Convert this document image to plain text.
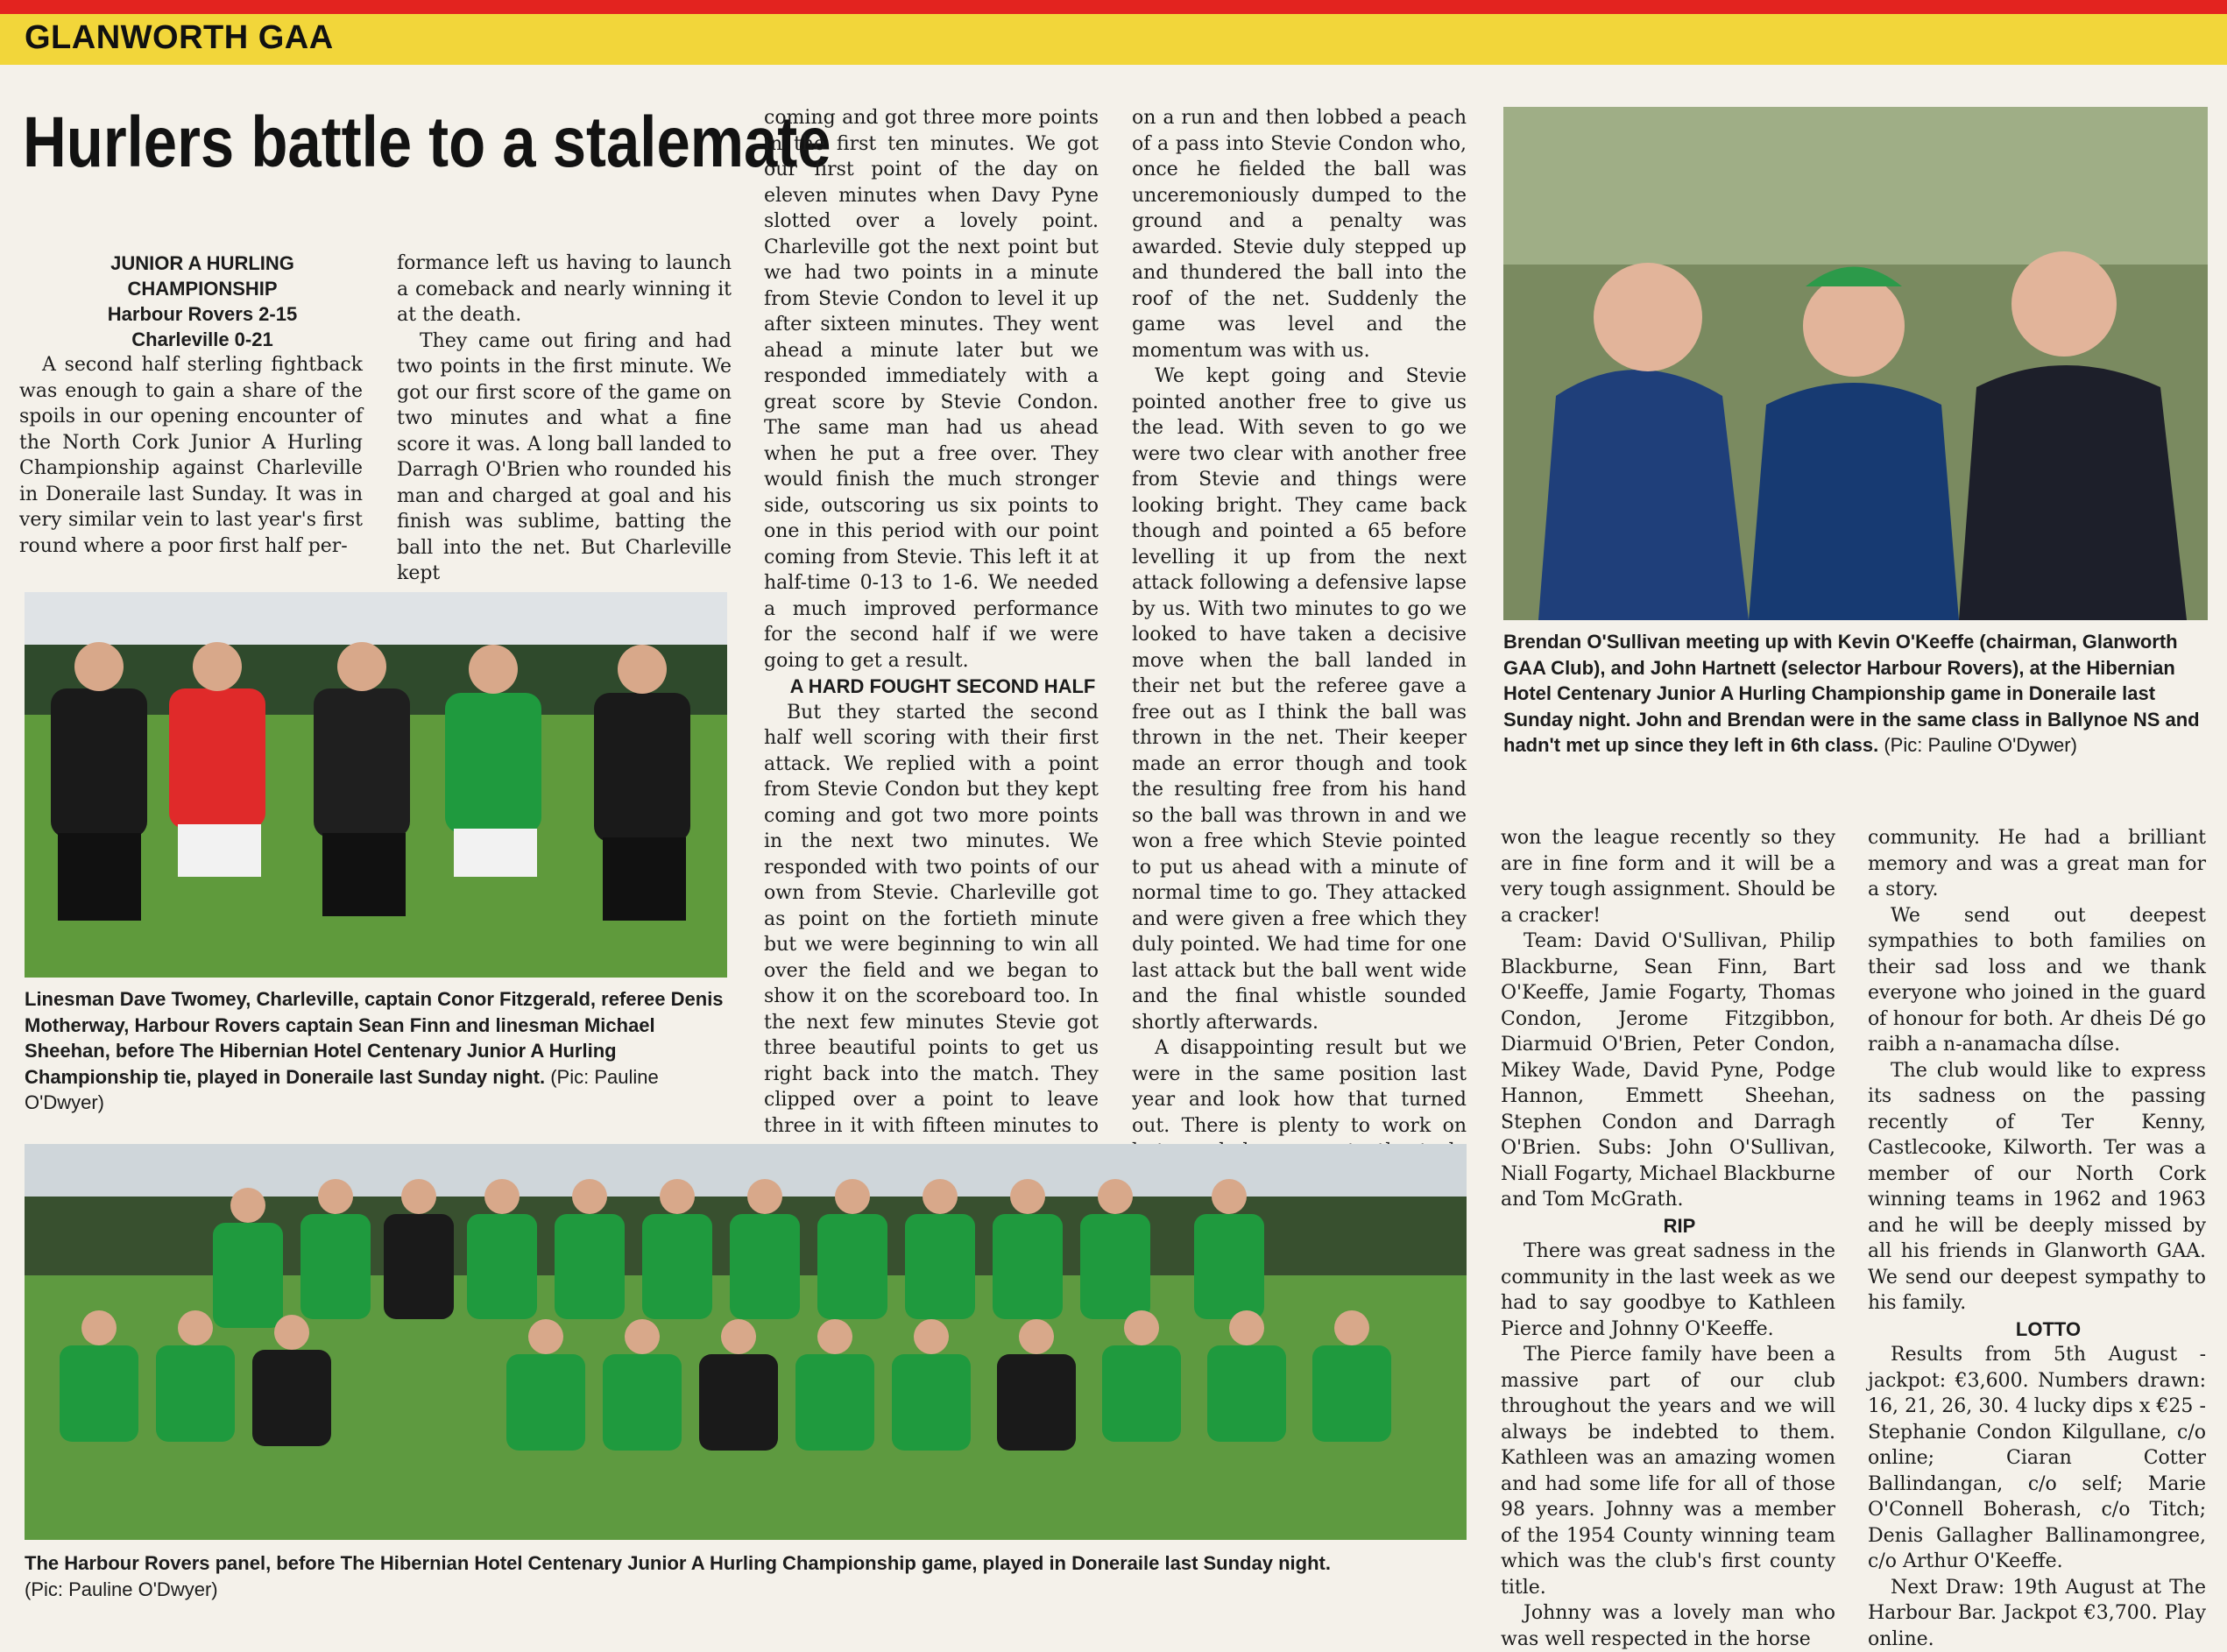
GLANWORTH GAA
Hurlers battle to a stalemate

JUNIOR A HURLING

CHAMPIONSHIP

Harbour Rovers 2-15

Charleville 0-21

A second half sterling fightback was enough to gain a share of the spoils in our opening encounter of the North Cork Junior A Hurling Championship against Charleville in Doneraile last Sunday. It was in very similar vein to last year's first round where a poor first half per-

formance left us having to launch a comeback and nearly winning it at the death.

They came out firing and had two points in the first minute. We got our first score of the game on two minutes and what a fine score it was. A long ball landed to Darragh O'Brien who rounded his man and charged at goal and his finish was sublime, batting the ball into the net. But Charleville kept

coming and got three more points in the first ten minutes. We got our first point of the day on eleven minutes when Davy Pyne slotted over a lovely point. Charleville got the next point but we had two points in a minute from Stevie Condon to level it up after sixteen minutes. They went ahead a minute later but we responded immediately with a great score by Stevie Condon. The same man had us ahead when he put a free over. They would finish the much stronger side, outscoring us six points to one in this period with our point coming from Stevie. This left it at half-time 0-13 to 1-6. We needed a much improved performance for the second half if we were going to get a result.

A HARD FOUGHT SECOND HALF

But they started the second half well scoring with their first attack. We replied with a point from Stevie Condon but they kept coming and got two more points in the next two minutes. We responded with two points of our own from Stevie. Charleville got as point on the fortieth minute but we were beginning to win all over the field and we began to show it on the scoreboard too. In the next few minutes Stevie got three beautiful points to get us right back into the match. They clipped over a point to leave three in it with fifteen minutes to

on a run and then lobbed a peach of a pass into Stevie Condon who, once he fielded the ball was unceremoniously dumped to the ground and a penalty was awarded. Stevie duly stepped up and thundered the ball into the roof of the net. Suddenly the game was level and the momentum was with us.

We kept going and Stevie pointed another free to give us the lead. With seven to go we were two clear with another free from Stevie and things were looking bright. They came back though and pointed a 65 before levelling it up from the next attack following a defensive lapse by us. With two minutes to go we looked to have taken a decisive move when the ball landed in their net but the referee gave a free out as I think the ball was thrown in the net. Their keeper made an error though and took the resulting free from his hand so the ball was thrown in and we won a free which Stevie pointed to put us ahead with a minute of normal time to go. They attacked and were given a free which they duly pointed. We had time for one last attack but the ball went wide and the final whistle sounded shortly afterwards.

A disappointing result but we were in the same position last year and look how that turned out. There is plenty to work on

won the league recently so they are in fine form and it will be a very tough assignment. Should be a cracker!

Team: David O'Sullivan, Philip Blackburne, Sean Finn, Bart O'Keeffe, Jamie Fogarty, Thomas Condon, Jerome Fitzgibbon, Diarmuid O'Brien, Peter Condon, Mikey Wade, David Pyne, Podge Hannon, Emmett Sheehan, Stephen Condon and Darragh O'Brien. Subs: John O'Sullivan, Niall Fogarty, Michael Blackburne and Tom McGrath.

RIP

There was great sadness in the community in the last week as we had to say goodbye to Kathleen Pierce and Johnny O'Keeffe.

The Pierce family have been a massive part of our club throughout the years and we will always be indebted to them. Kathleen was an amazing women and had some life for all of those 98 years. Johnny was a member of the 1954 County winning team which was the club's first county title.

Johnny was a lovely man who was well respected in the horse

community. He had a brilliant memory and was a great man for a story.

We send out deepest sympathies to both families on their sad loss and we thank everyone who joined in the guard of honour for both. Ar dheis Dé go raibh a n-anamacha dílse.

The club would like to express its sadness on the passing recently of Ter Kenny, Castlecooke, Kilworth. Ter was a member of our North Cork winning teams in 1962 and 1963 and he will be deeply missed by all his friends in Glanworth GAA. We send our deepest sympathy to his family.

LOTTO

Results from 5th August - jackpot: €3,600. Numbers drawn: 16, 21, 26, 30. 4 lucky dips x €25 - Stephanie Condon Kilgullane, c/o online; Ciaran Cotter Ballindangan, c/o self; Marie O'Connell Boherash, c/o Titch; Denis Gallagher Ballinamongree, c/o Arthur O'Keeffe.

Next Draw: 19th August at The Harbour Bar. Jackpot €3,700. Play online.

Linesman Dave Twomey, Charleville, captain Conor Fitzgerald, referee Denis Motherway, Harbour Rovers captain Sean Finn and linesman Michael Sheehan, before The Hibernian Hotel Centenary Junior A Hurling Championship tie, played in Doneraile last Sunday night. (Pic: Pauline O'Dwyer)
Brendan O'Sullivan meeting up with Kevin O'Keeffe (chairman, Glanworth GAA Club), and John Hartnett (selector Harbour Rovers), at the Hibernian Hotel Centenary Junior A Hurling Championship game in Doneraile last Sunday night. John and Brendan were in the same class in Ballynoe NS and hadn't met up since they left in 6th class. (Pic: Pauline O'Dywer)
The Harbour Rovers panel, before The Hibernian Hotel Centenary Junior A Hurling Championship game, played in Doneraile last Sunday night.
(Pic: Pauline O'Dwyer)
